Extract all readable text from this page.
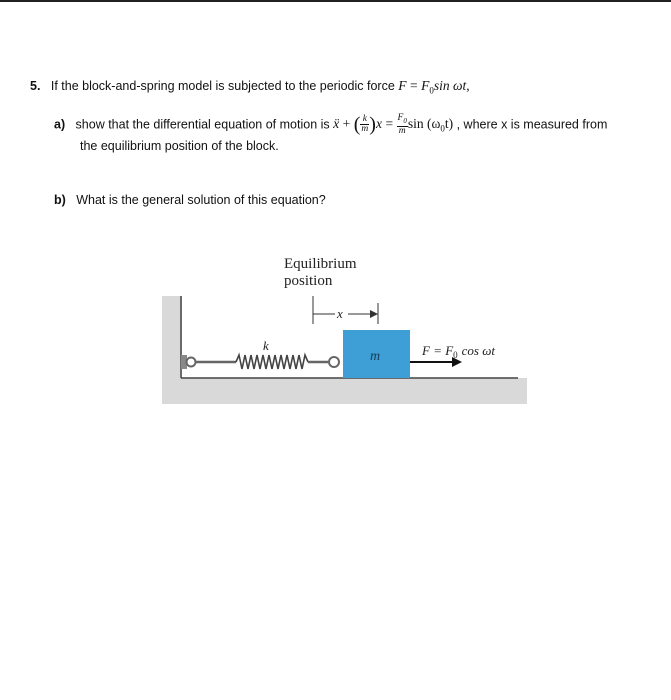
5. If the block-and-spring model is subjected to the periodic force $F = F_0\sin$ ωt,
a) show that the differential equation of motion is ẍ + ( $\frac{k}{m} )x = \frac{F_0}{m}$ $\sin (\omega_0t)$ , where x is measured from
the equilibrium position of the block.
b) What is the general solution of this equation?
Equilibrium
position
x
k
m	$F = F_0$ cos ωt
